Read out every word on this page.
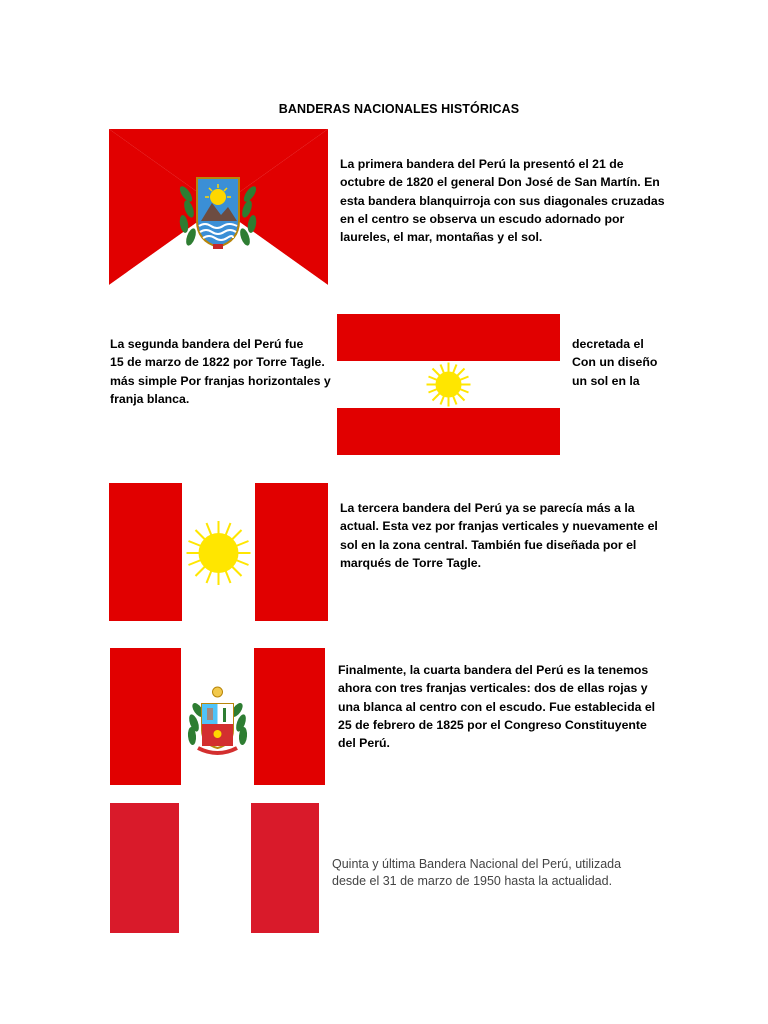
BANDERAS NACIONALES HISTÓRICAS
La primera bandera del Perú la presentó el 21 de
octubre de 1820 el general Don José de San Martín. En
esta bandera blanquirroja con sus diagonales cruzadas
en el centro se observa un escudo adornado por
laureles, el mar, montañas y el sol.
La segunda bandera del Perú fue
15 de marzo de 1822 por Torre Tagle.
más simple Por franjas horizontales y
franja blanca.
decretada el
Con un diseño
un sol en la
La tercera bandera del Perú ya se parecía más a la
actual. Esta vez por franjas verticales y nuevamente el
sol en la zona central. También fue diseñada por el
marqués de Torre Tagle.
Finalmente, la cuarta bandera del Perú es la tenemos
ahora con tres franjas verticales: dos de ellas rojas y
una blanca al centro con el escudo. Fue establecida el
25 de febrero de 1825 por el Congreso Constituyente
del Perú.
Quinta y última Bandera Nacional del Perú, utilizada
desde el 31 de marzo de 1950 hasta la actualidad.
